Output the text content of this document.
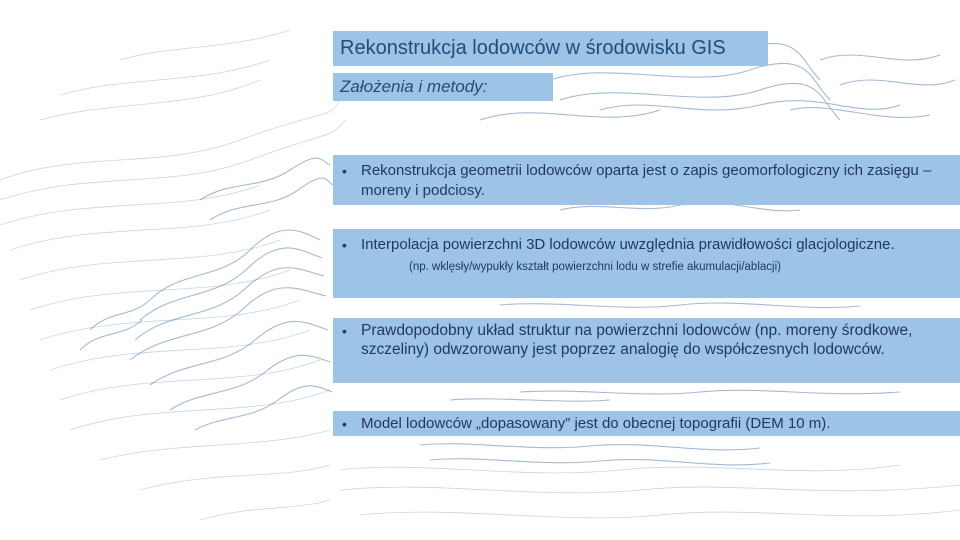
Rekonstrukcja lodowców w środowisku GIS
Założenia i metody:
• Rekonstrukcja geometrii lodowców oparta jest o zapis geomorfologiczny ich zasięgu – moreny i podciosy.
• Interpolacja powierzchni 3D lodowców uwzględnia prawidłowości glacjologiczne.
(np. wklęsły/wypukły kształt powierzchni lodu w strefie akumulacji/ablacji)
• Prawdopodobny układ struktur na powierzchni lodowców (np. moreny środkowe, szczeliny) odwzorowany jest poprzez analogię do współczesnych lodowców.
• Model lodowców „dopasowany” jest do obecnej topografii (DEM 10 m).
